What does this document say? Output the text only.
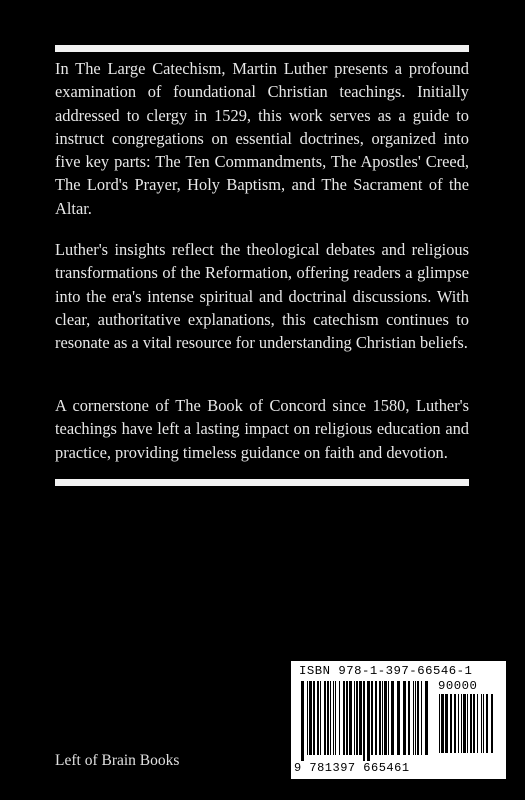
In The Large Catechism, Martin Luther presents a profound examination of foundational Christian teachings. Initially addressed to clergy in 1529, this work serves as a guide to instruct congregations on essential doctrines, organized into five key parts: The Ten Commandments, The Apostles' Creed, The Lord's Prayer, Holy Baptism, and The Sacrament of the Altar.

Luther's insights reflect the theological debates and religious transformations of the Reformation, offering readers a glimpse into the era's intense spiritual and doctrinal discussions. With clear, authoritative explanations, this catechism continues to resonate as a vital resource for understanding Christian beliefs.

A cornerstone of The Book of Concord since 1580, Luther's teachings have left a lasting impact on religious education and practice, providing timeless guidance on faith and devotion.

Left of Brain Books

ISBN 978-1-397-66546-1
90000
9 781397 665461
